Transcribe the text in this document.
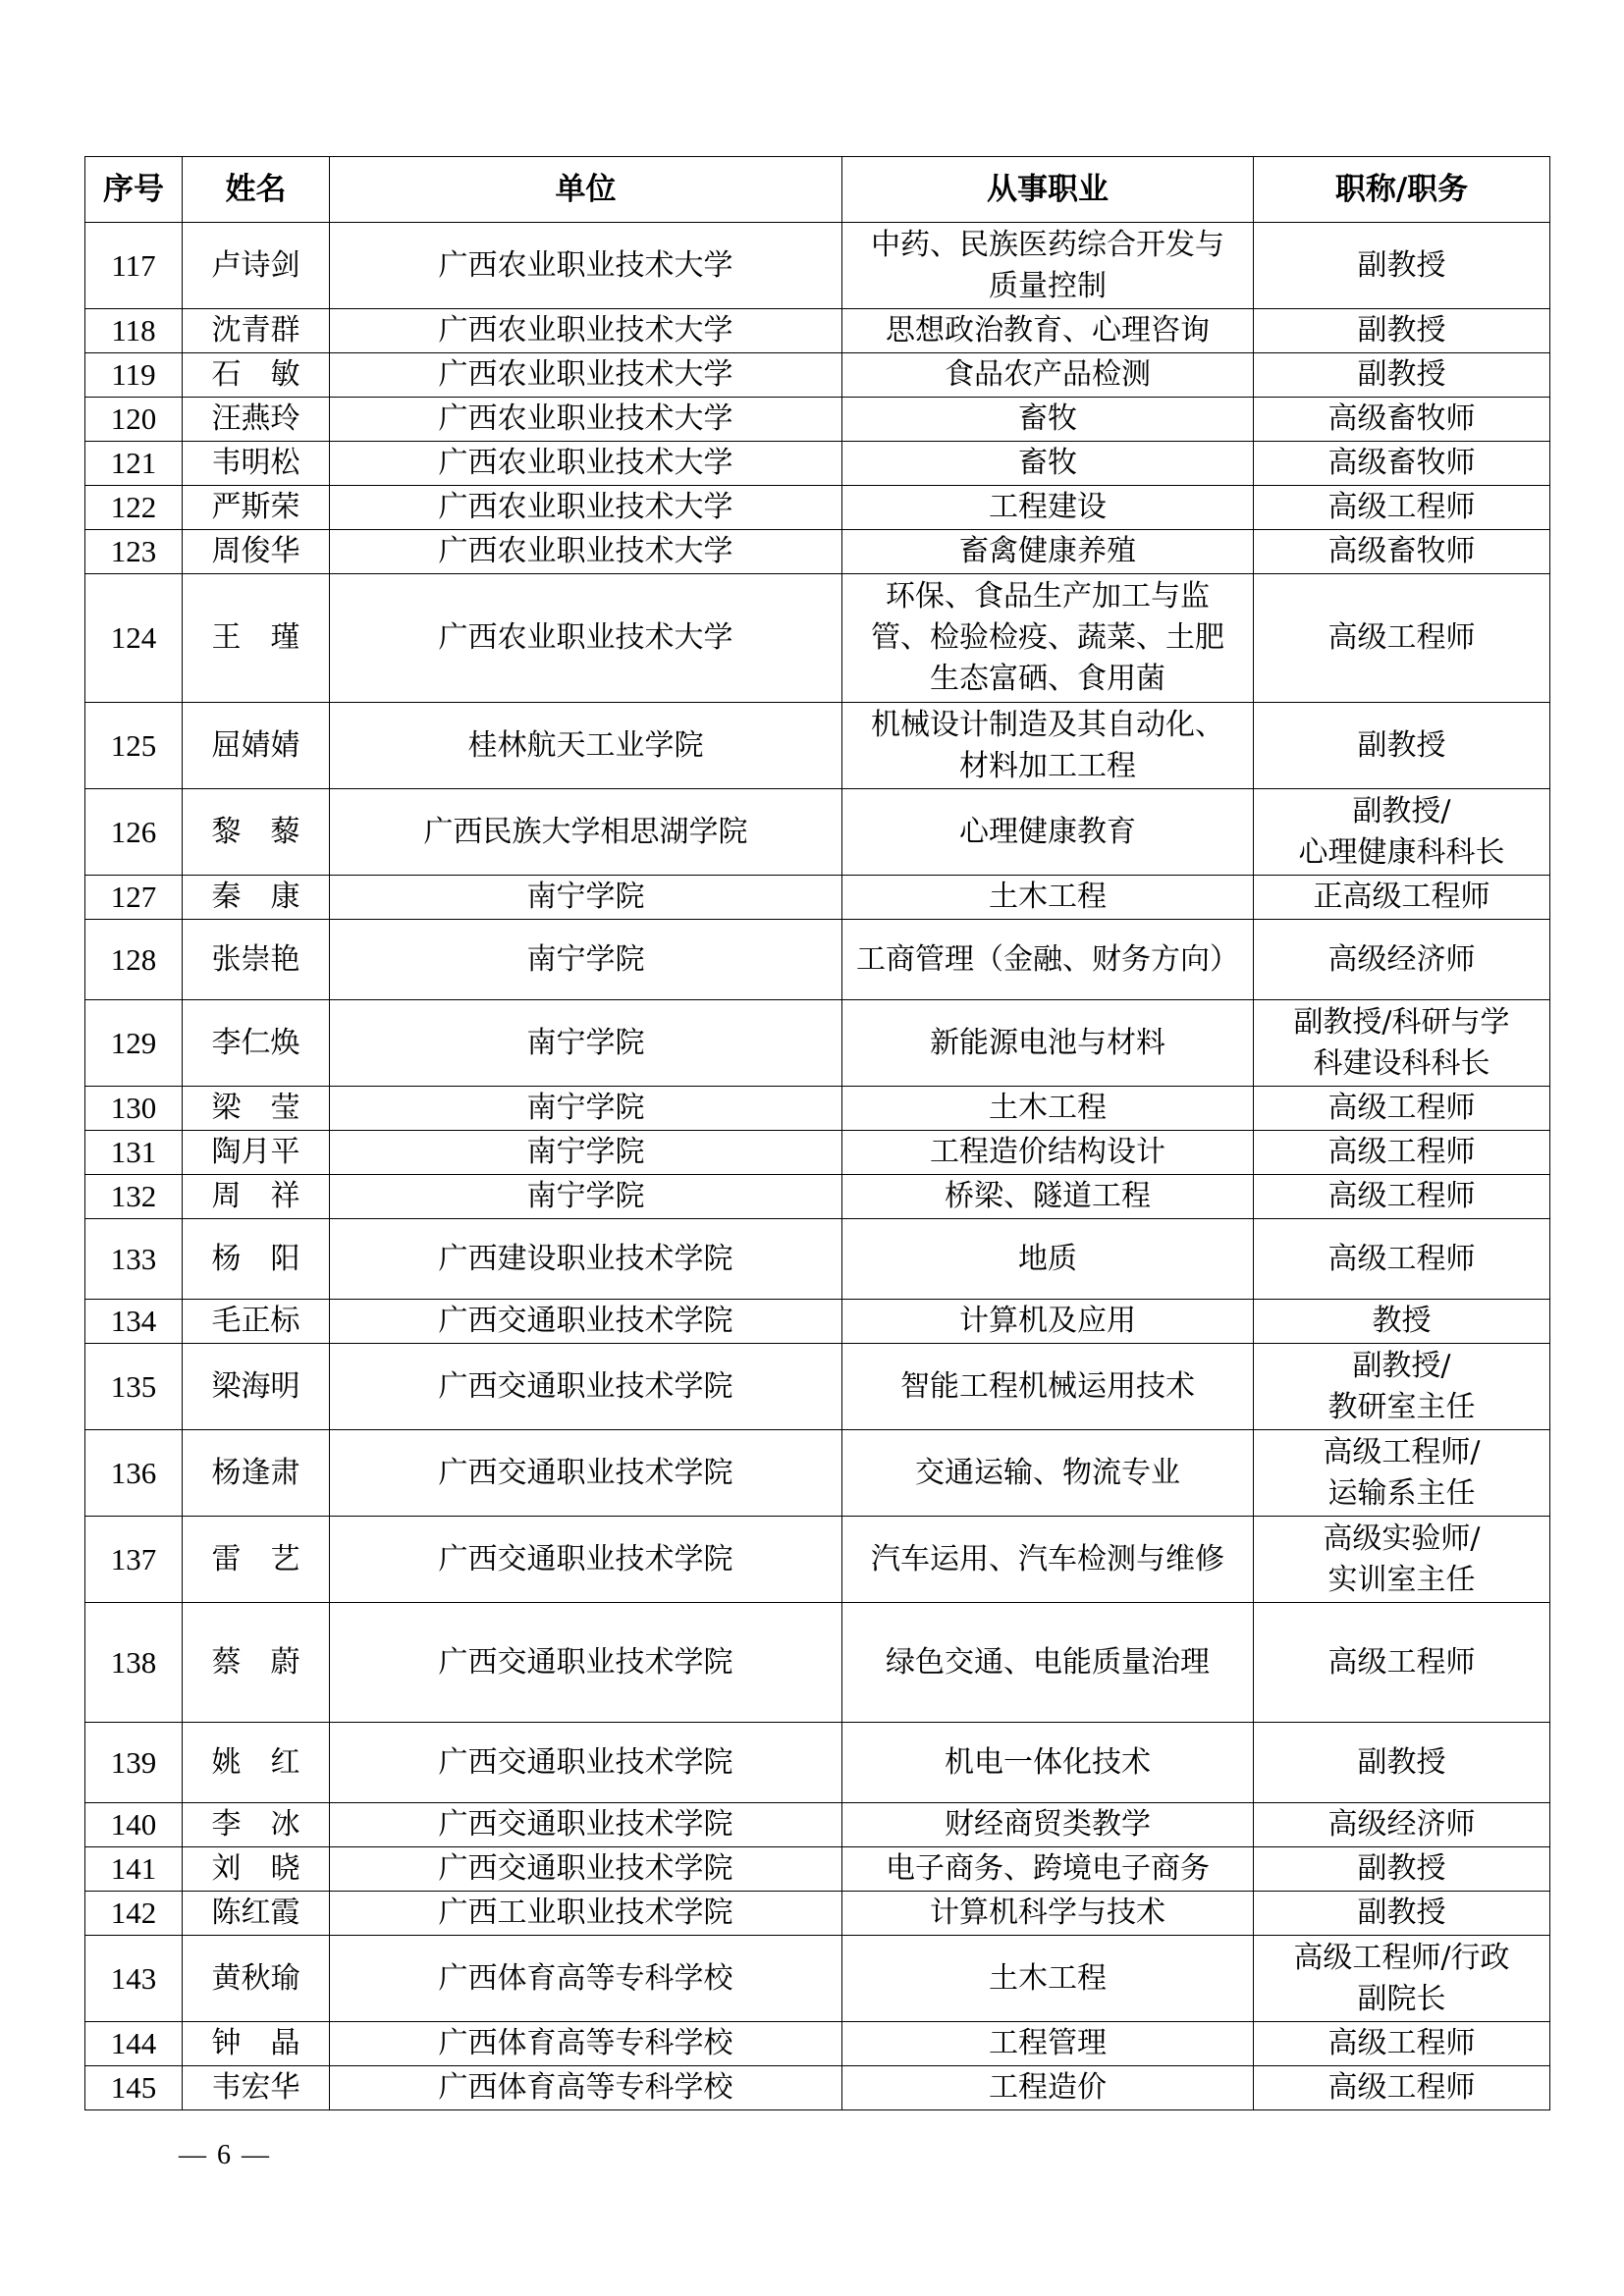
序号	姓名	单位	从事职业	职称/职务
117	卢诗剑	广西农业职业技术大学	中药、民族医药综合开发与
质量控制	副教授
118	沈青群	广西农业职业技术大学	思想政治教育、心理咨询	副教授
119	石　敏	广西农业职业技术大学	食品农产品检测	副教授
120	汪燕玲	广西农业职业技术大学	畜牧	高级畜牧师
121	韦明松	广西农业职业技术大学	畜牧	高级畜牧师
122	严斯荣	广西农业职业技术大学	工程建设	高级工程师
123	周俊华	广西农业职业技术大学	畜禽健康养殖	高级畜牧师
124	王　瑾	广西农业职业技术大学	环保、食品生产加工与监
管、检验检疫、蔬菜、土肥
生态富硒、食用菌	高级工程师
125	屈婧婧	桂林航天工业学院	机械设计制造及其自动化、
材料加工工程	副教授
126	黎　藜	广西民族大学相思湖学院	心理健康教育	副教授/
心理健康科科长
127	秦　康	南宁学院	土木工程	正高级工程师
128	张崇艳	南宁学院	工商管理（金融、财务方向）	高级经济师
129	李仁焕	南宁学院	新能源电池与材料	副教授/科研与学
科建设科科长
130	梁　莹	南宁学院	土木工程	高级工程师
131	陶月平	南宁学院	工程造价结构设计	高级工程师
132	周　祥	南宁学院	桥梁、隧道工程	高级工程师
133	杨　阳	广西建设职业技术学院	地质	高级工程师
134	毛正标	广西交通职业技术学院	计算机及应用	教授
135	梁海明	广西交通职业技术学院	智能工程机械运用技术	副教授/
教研室主任
136	杨逢肃	广西交通职业技术学院	交通运输、物流专业	高级工程师/
运输系主任
137	雷　艺	广西交通职业技术学院	汽车运用、汽车检测与维修	高级实验师/
实训室主任
138	蔡　蔚	广西交通职业技术学院	绿色交通、电能质量治理	高级工程师
139	姚　红	广西交通职业技术学院	机电一体化技术	副教授
140	李　冰	广西交通职业技术学院	财经商贸类教学	高级经济师
141	刘　晓	广西交通职业技术学院	电子商务、跨境电子商务	副教授
142	陈红霞	广西工业职业技术学院	计算机科学与技术	副教授
143	黄秋瑜	广西体育高等专科学校	土木工程	高级工程师/行政
副院长
144	钟　晶	广西体育高等专科学校	工程管理	高级工程师
145	韦宏华	广西体育高等专科学校	工程造价	高级工程师
— 6 —
